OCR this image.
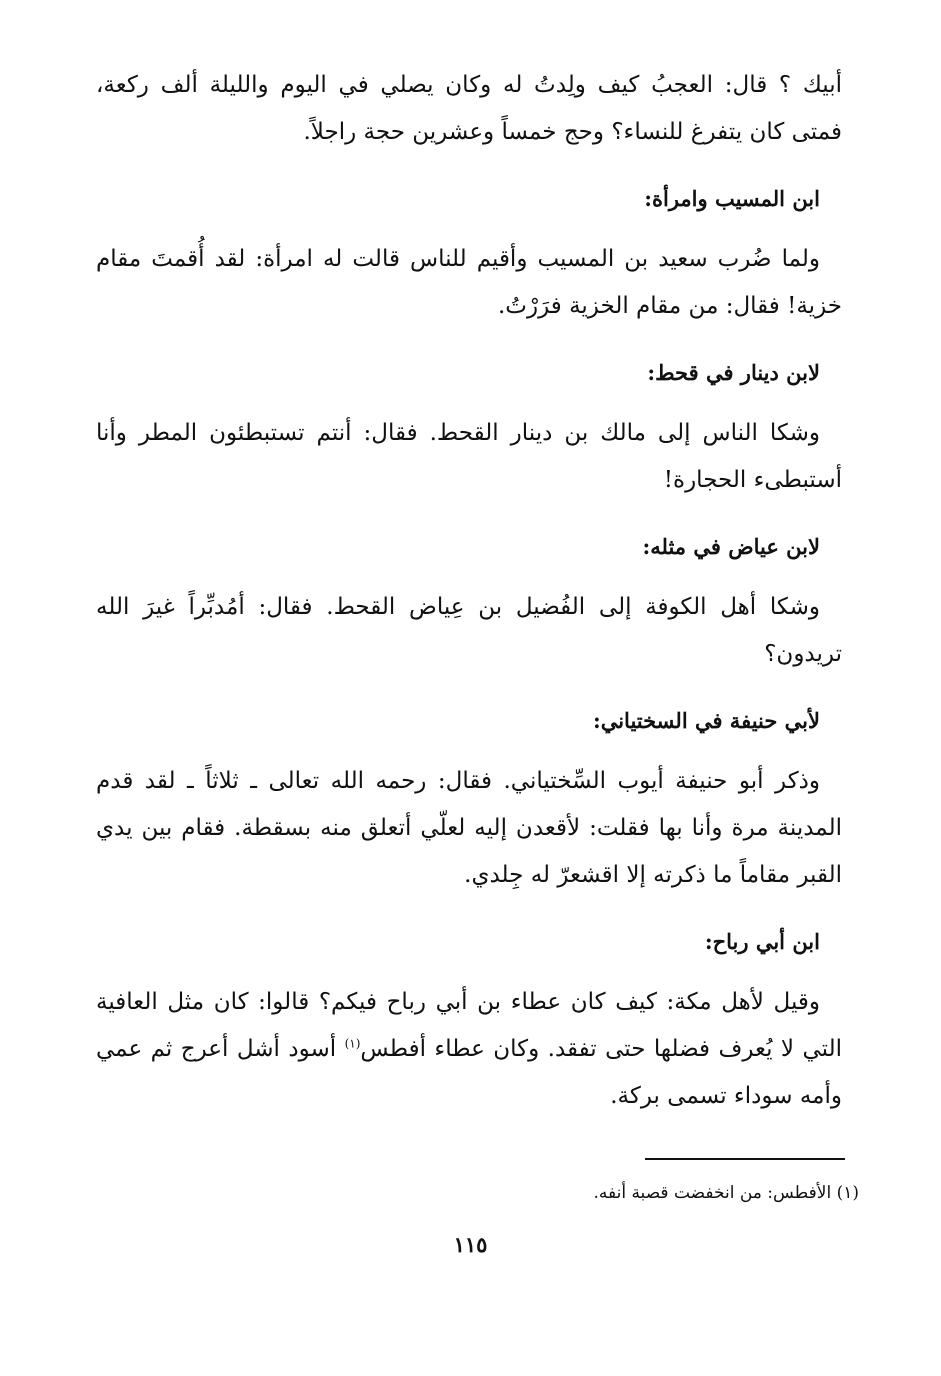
أبيك ؟ قال: العجبُ كيف ولِدتُ له وكان يصلي في اليوم والليلة ألف ركعة، فمتى كان يتفرغ للنساء؟ وحج خمساً وعشرين حجة راجلاً.

ابن المسيب وامرأة:

ولما ضُرب سعيد بن المسيب وأقيم للناس قالت له امرأة: لقد أُقمتَ مقام خزية! فقال: من مقام الخزية فرَرْتُ.

لابن دينار في قحط:

وشكا الناس إلى مالك بن دينار القحط. فقال: أنتم تستبطئون المطر وأنا أستبطىء الحجارة!

لابن عياض في مثله:

وشكا أهل الكوفة إلى الفُضيل بن عِياض القحط. فقال: أمُدبِّراً غيرَ الله تريدون؟

لأبي حنيفة في السختياني:

وذكر أبو حنيفة أيوب السِّختياني. فقال: رحمه الله تعالى ـ ثلاثاً ـ لقد قدم المدينة مرة وأنا بها فقلت: لأقعدن إليه لعلّي أتعلق منه بسقطة. فقام بين يدي القبر مقاماً ما ذكرته إلا اقشعرّ له جِلدي.

ابن أبي رباح:

وقيل لأهل مكة: كيف كان عطاء بن أبي رباح فيكم؟ قالوا: كان مثل العافية التي لا يُعرف فضلها حتى تفقد. وكان عطاء أفطس$^{(١)}$ أسود أشل أعرج ثم عمي وأمه سوداء تسمى بركة.

(١) الأفطس: من انخفضت قصبة أنفه.
١١٥
